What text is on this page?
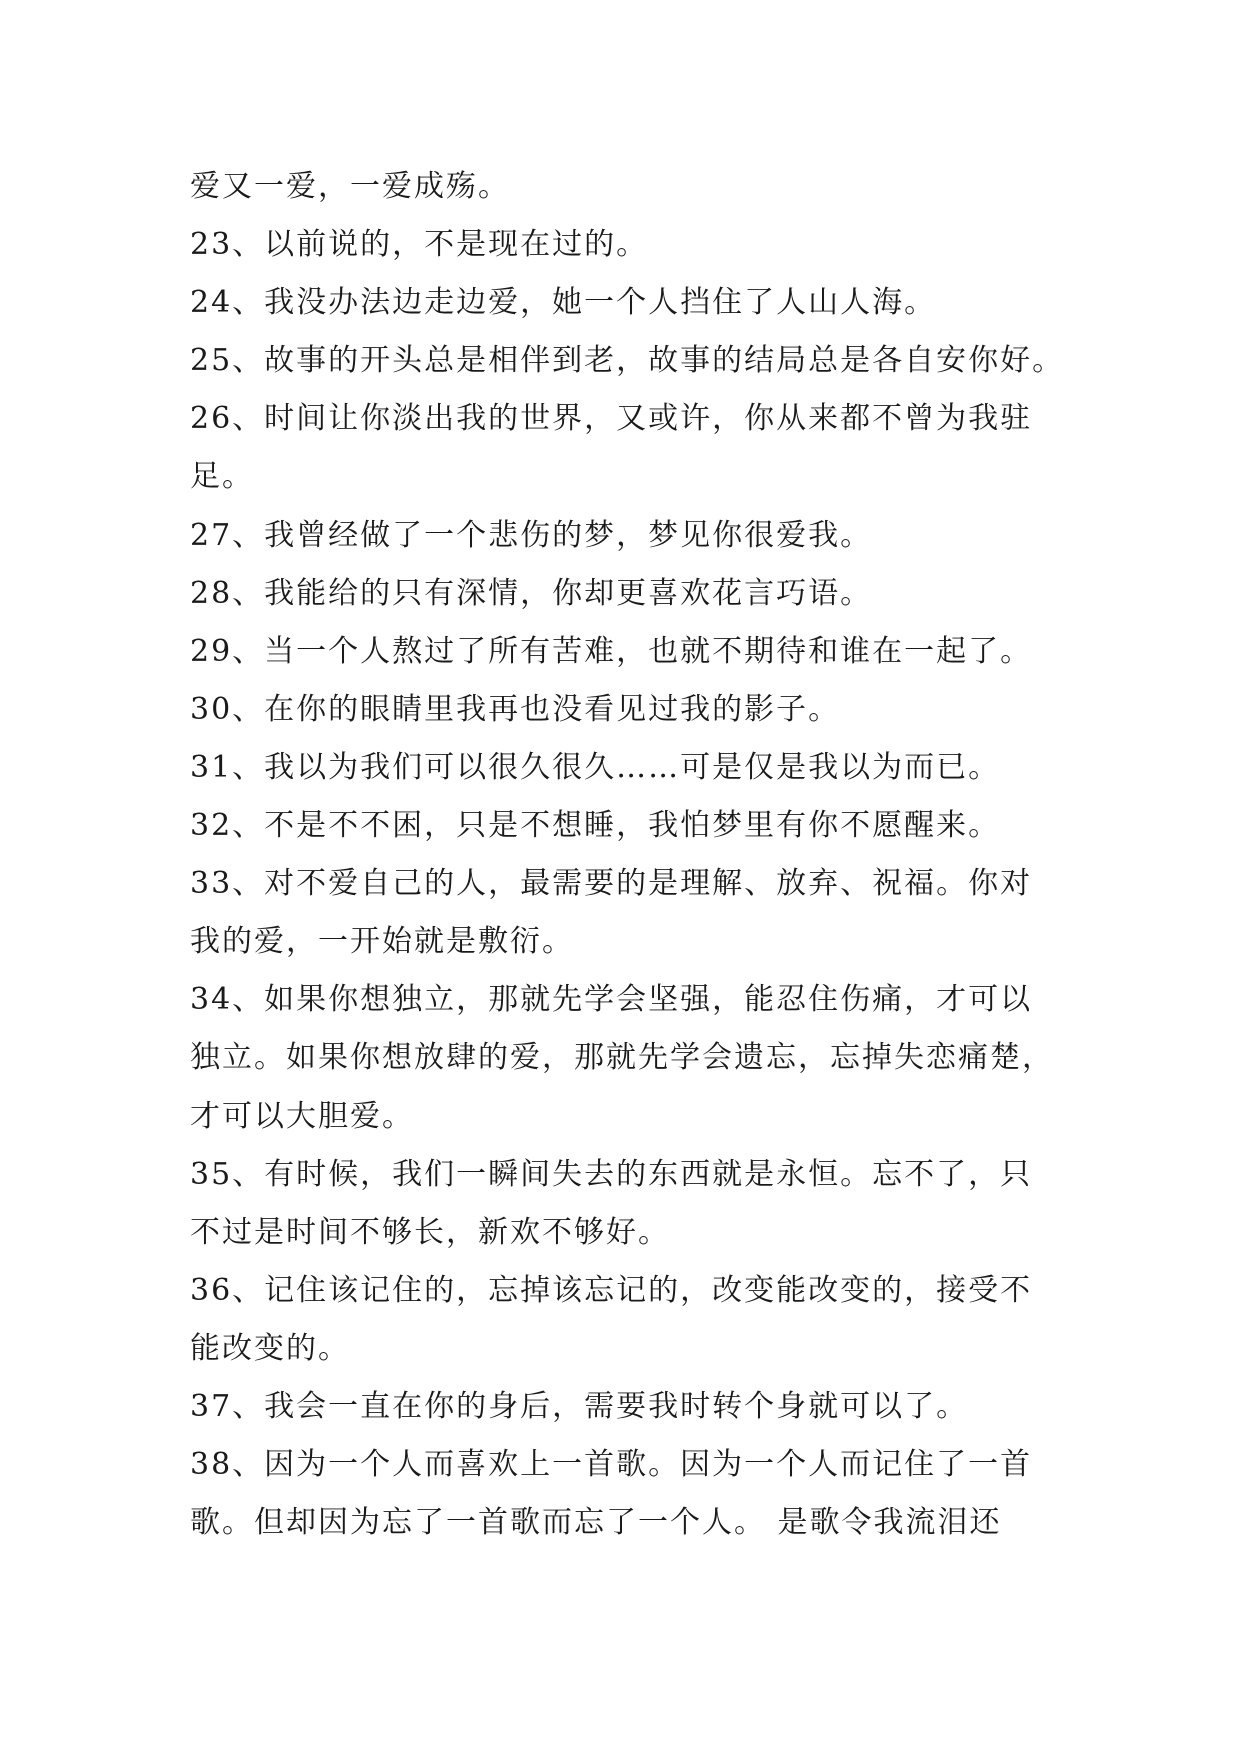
爱又一爱，一爱成殇。
23、以前说的，不是现在过的。
24、我没办法边走边爱，她一个人挡住了人山人海。
25、故事的开头总是相伴到老，故事的结局总是各自安你好。
26、时间让你淡出我的世界，又或许，你从来都不曾为我驻
足。
27、我曾经做了一个悲伤的梦，梦见你很爱我。
28、我能给的只有深情，你却更喜欢花言巧语。
29、当一个人熬过了所有苦难，也就不期待和谁在一起了。
30、在你的眼睛里我再也没看见过我的影子。
31、我以为我们可以很久很久……可是仅是我以为而已。
32、不是不不困，只是不想睡，我怕梦里有你不愿醒来。
33、对不爱自己的人，最需要的是理解、放弃、祝福。你对
我的爱，一开始就是敷衍。
34、如果你想独立，那就先学会坚强，能忍住伤痛，才可以
独立。如果你想放肆的爱，那就先学会遗忘，忘掉失恋痛楚，
才可以大胆爱。
35、有时候，我们一瞬间失去的东西就是永恒。忘不了，只
不过是时间不够长，新欢不够好。
36、记住该记住的，忘掉该忘记的，改变能改变的，接受不
能改变的。
37、我会一直在你的身后，需要我时转个身就可以了。
38、因为一个人而喜欢上一首歌。因为一个人而记住了一首
歌。但却因为忘了一首歌而忘了一个人。 是歌令我流泪还
